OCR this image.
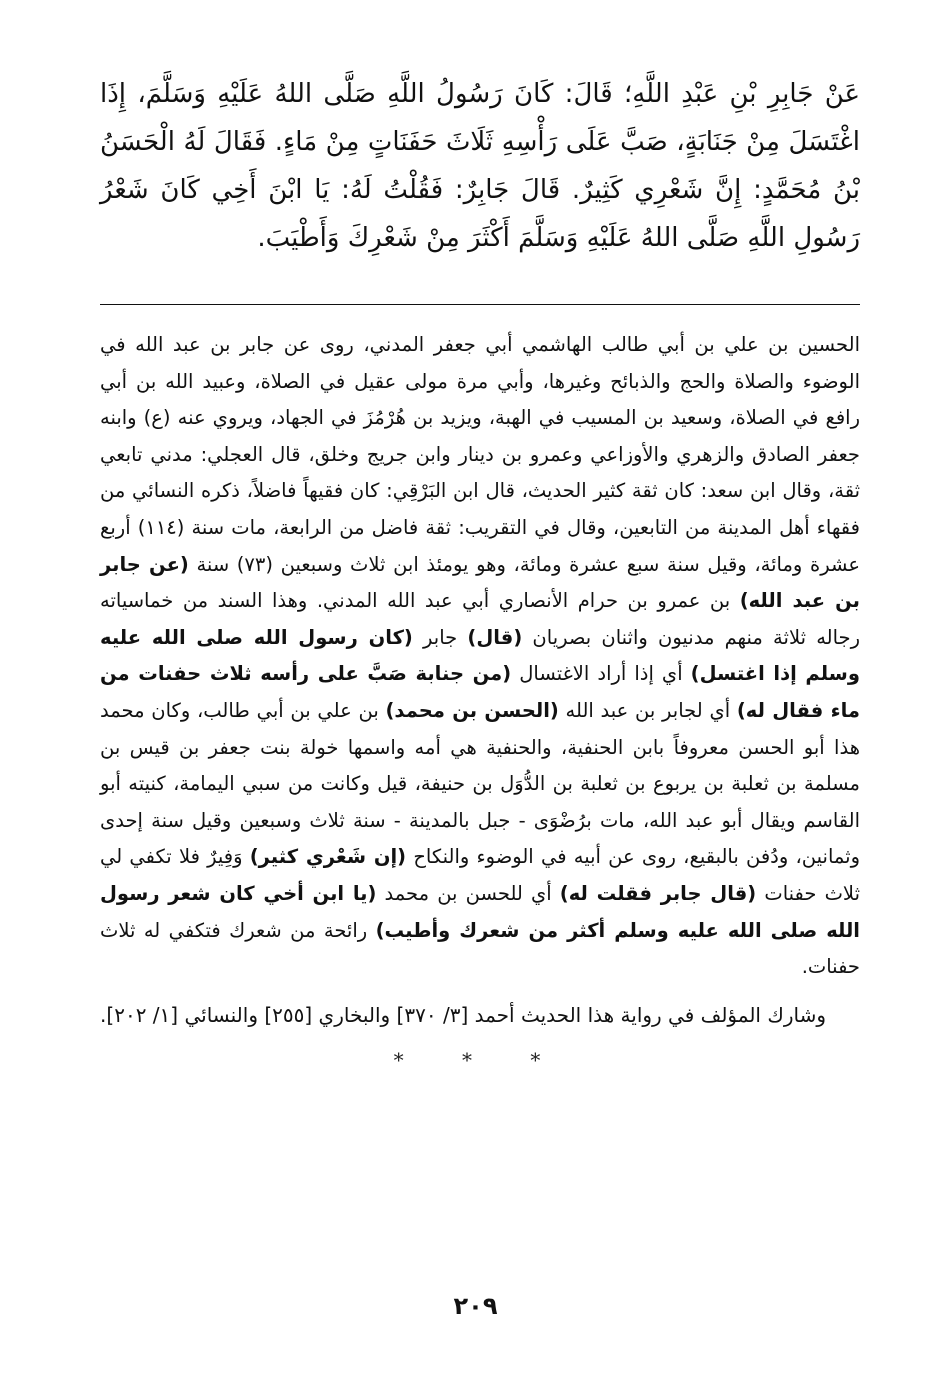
عَنْ جَابِرِ بْنِ عَبْدِ اللَّهِ؛ قَالَ: كَانَ رَسُولُ اللَّهِ صَلَّى اللهُ عَلَيْهِ وَسَلَّمَ، إِذَا اغْتَسَلَ مِنْ جَنَابَةٍ، صَبَّ عَلَى رَأْسِهِ ثَلَاثَ حَفَنَاتٍ مِنْ مَاءٍ. فَقَالَ لَهُ الْحَسَنُ بْنُ مُحَمَّدٍ: إِنَّ شَعْرِي كَثِيرٌ. قَالَ جَابِرٌ: فَقُلْتُ لَهُ: يَا ابْنَ أَخِي كَانَ شَعْرُ رَسُولِ اللَّهِ صَلَّى اللهُ عَلَيْهِ وَسَلَّمَ أَكْثَرَ مِنْ شَعْرِكَ وَأَطْيَبَ.

الحسين بن علي بن أبي طالب الهاشمي أبي جعفر المدني، روى عن جابر بن عبد الله في الوضوء والصلاة والحج والذبائح وغيرها، وأبي مرة مولى عقيل في الصلاة، وعبيد الله بن أبي رافع في الصلاة، وسعيد بن المسيب في الهبة، ويزيد بن هُرْمُزَ في الجهاد، ويروي عنه (ع) وابنه جعفر الصادق والزهري والأوزاعي وعمرو بن دينار وابن جريج وخلق، قال العجلي: مدني تابعي ثقة، وقال ابن سعد: كان ثقة كثير الحديث، قال ابن البَرْقِي: كان فقيهاً فاضلاً، ذكره النسائي من فقهاء أهل المدينة من التابعين، وقال في التقريب: ثقة فاضل من الرابعة، مات سنة (١١٤) أربع عشرة ومائة، وقيل سنة سبع عشرة ومائة، وهو يومئذ ابن ثلاث وسبعين (٧٣) سنة (عن جابر بن عبد الله) بن عمرو بن حرام الأنصاري أبي عبد الله المدني. وهذا السند من خماسياته رجاله ثلاثة منهم مدنيون واثنان بصريان (قال) جابر (كان رسول الله صلى الله عليه وسلم إذا اغتسل) أي إذا أراد الاغتسال (من جنابة صَبَّ على رأسه ثلاث حفنات من ماء فقال له) أي لجابر بن عبد الله (الحسن بن محمد) بن علي بن أبي طالب، وكان محمد هذا أبو الحسن معروفاً بابن الحنفية، والحنفية هي أمه واسمها خولة بنت جعفر بن قيس بن مسلمة بن ثعلبة بن يربوع بن ثعلبة بن الدُّوَل بن حنيفة، قيل وكانت من سبي اليمامة، كنيته أبو القاسم ويقال أبو عبد الله، مات برُضْوَى - جبل بالمدينة - سنة ثلاث وسبعين وقيل سنة إحدى وثمانين، ودُفن بالبقيع، روى عن أبيه في الوضوء والنكاح (إن شَعْري كثير) وَفِيرٌ فلا تكفي لي ثلاث حفنات (قال جابر فقلت له) أي للحسن بن محمد (يا ابن أخي كان شعر رسول الله صلى الله عليه وسلم أكثر من شعرك وأطيب) رائحة من شعرك فتكفي له ثلاث حفنات.

وشارك المؤلف في رواية هذا الحديث أحمد [٣/ ٣٧٠] والبخاري [٢٥٥] والنسائي [١/ ٢٠٢].

* * *
٢٠٩
